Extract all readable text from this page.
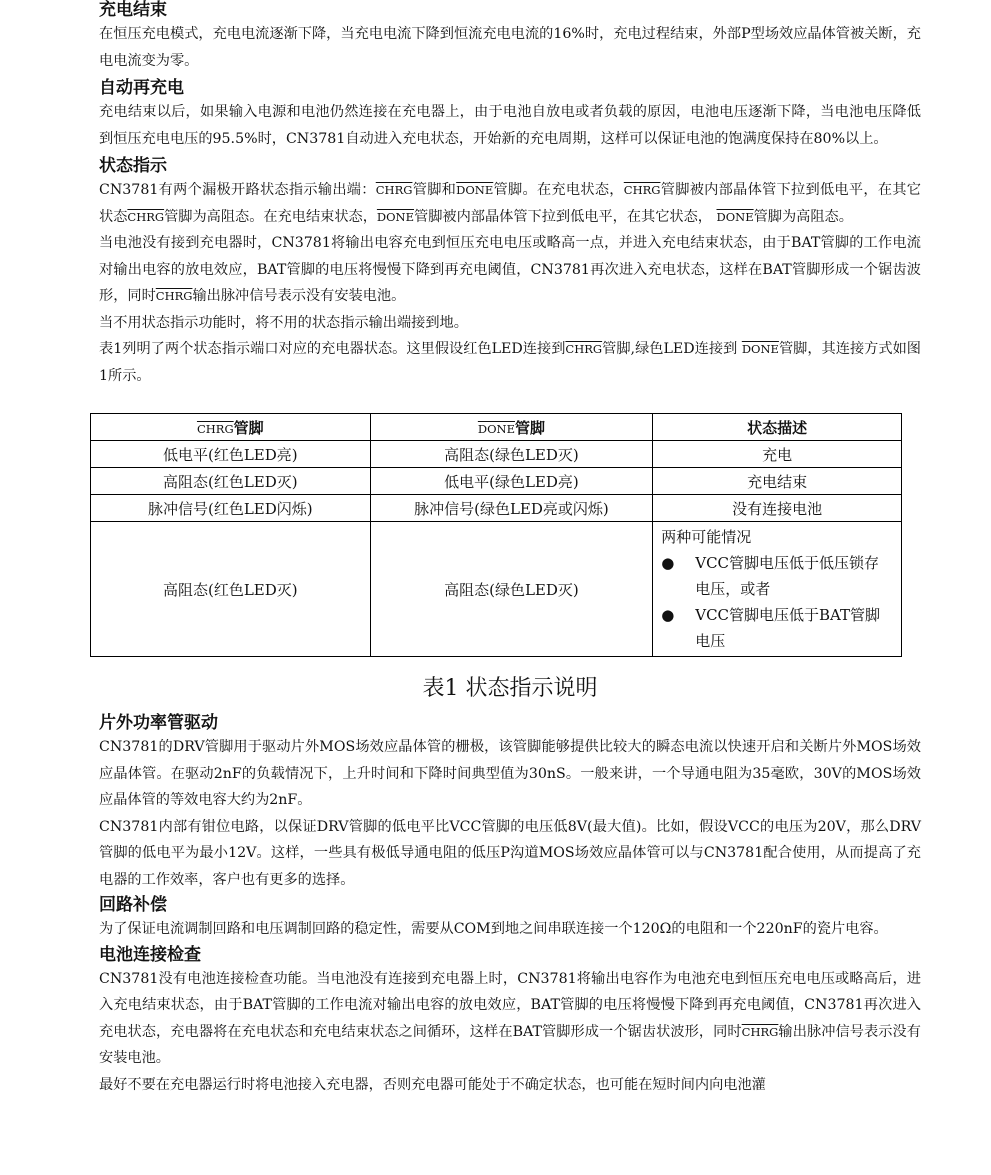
充电结束

在恒压充电模式，充电电流逐渐下降，当充电电流下降到恒流充电电流的16%时，充电过程结束，外部P型场效应晶体管被关断，充电电流变为零。

自动再充电

充电结束以后，如果输入电源和电池仍然连接在充电器上，由于电池自放电或者负载的原因，电池电压逐渐下降，当电池电压降低到恒压充电电压的95.5%时，CN3781自动进入充电状态，开始新的充电周期，这样可以保证电池的饱满度保持在80%以上。

状态指示

CN3781有两个漏极开路状态指示输出端：CHRG管脚和DONE管脚。在充电状态，CHRG管脚被内部晶体管下拉到低电平，在其它状态CHRG管脚为高阻态。在充电结束状态，DONE管脚被内部晶体管下拉到低电平，在其它状态， DONE管脚为高阻态。

当电池没有接到充电器时，CN3781将输出电容充电到恒压充电电压或略高一点，并进入充电结束状态，由于BAT管脚的工作电流对输出电容的放电效应，BAT管脚的电压将慢慢下降到再充电阈值，CN3781再次进入充电状态，这样在BAT管脚形成一个锯齿波形，同时CHRG输出脉冲信号表示没有安装电池。

当不用状态指示功能时，将不用的状态指示输出端接到地。

表1列明了两个状态指示端口对应的充电器状态。这里假设红色LED连接到CHRG管脚,绿色LED连接到 DONE管脚，其连接方式如图1所示。

CHRG管脚	DONE管脚	状态描述
低电平(红色LED亮)	高阻态(绿色LED灭)	充电
高阻态(红色LED灭)	低电平(绿色LED亮)	充电结束
脉冲信号(红色LED闪烁)	脉冲信号(绿色LED亮或闪烁)	没有连接电池
高阻态(红色LED灭)	高阻态(绿色LED灭)	两种可能情况
● VCC管脚电压低于低压锁存电压，或者
● VCC管脚电压低于BAT管脚电压
表1 状态指示说明
片外功率管驱动

CN3781的DRV管脚用于驱动片外MOS场效应晶体管的栅极，该管脚能够提供比较大的瞬态电流以快速开启和关断片外MOS场效应晶体管。在驱动2nF的负载情况下，上升时间和下降时间典型值为30nS。一般来讲，一个导通电阻为35毫欧，30V的MOS场效应晶体管的等效电容大约为2nF。

CN3781内部有钳位电路，以保证DRV管脚的低电平比VCC管脚的电压低8V(最大值)。比如，假设VCC的电压为20V，那么DRV管脚的低电平为最小12V。这样，一些具有极低导通电阻的低压P沟道MOS场效应晶体管可以与CN3781配合使用，从而提高了充电器的工作效率，客户也有更多的选择。

回路补偿

为了保证电流调制回路和电压调制回路的稳定性，需要从COM到地之间串联连接一个120Ω的电阻和一个220nF的瓷片电容。

电池连接检查

CN3781没有电池连接检查功能。当电池没有连接到充电器上时，CN3781将输出电容作为电池充电到恒压充电电压或略高后，进入充电结束状态，由于BAT管脚的工作电流对输出电容的放电效应，BAT管脚的电压将慢慢下降到再充电阈值，CN3781再次进入充电状态，充电器将在充电状态和充电结束状态之间循环，这样在BAT管脚形成一个锯齿状波形，同时CHRG输出脉冲信号表示没有安装电池。

最好不要在充电器运行时将电池接入充电器，否则充电器可能处于不确定状态，也可能在短时间内向电池灌
